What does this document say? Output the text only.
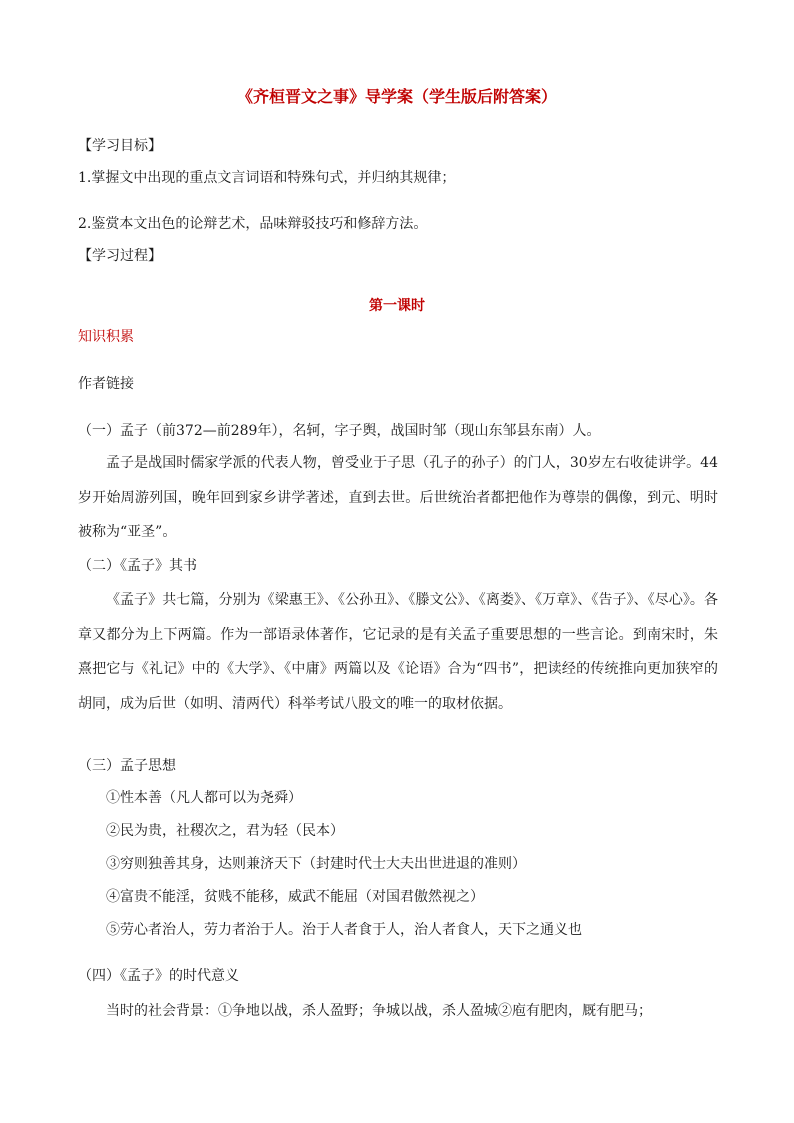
《齐桓晋文之事》导学案（学生版后附答案）
【学习目标】
1.掌握文中出现的重点文言词语和特殊句式，并归纳其规律；
2.鉴赏本文出色的论辩艺术，品味辩驳技巧和修辞方法。
【学习过程】
第一课时
知识积累
作者链接
（一）孟子（前372—前289年），名轲，字子舆，战国时邹（现山东邹县东南）人。
孟子是战国时儒家学派的代表人物，曾受业于子思（孔子的孙子）的门人，30岁左右收徒讲学。44岁开始周游列国，晚年回到家乡讲学著述，直到去世。后世统治者都把他作为尊崇的偶像，到元、明时被称为“亚圣”。
（二）《孟子》其书
《孟子》共七篇，分别为《梁惠王》、《公孙丑》、《滕文公》、《离娄》、《万章》、《告子》、《尽心》。各章又都分为上下两篇。作为一部语录体著作，它记录的是有关孟子重要思想的一些言论。到南宋时，朱熹把它与《礼记》中的《大学》、《中庸》两篇以及《论语》合为“四书”，把读经的传统推向更加狭窄的胡同，成为后世（如明、清两代）科举考试八股文的唯一的取材依据。
（三）孟子思想
①性本善（凡人都可以为尧舜）
②民为贵，社稷次之，君为轻（民本）
③穷则独善其身，达则兼济天下（封建时代士大夫出世进退的准则）
④富贵不能淫，贫贱不能移，威武不能屈（对国君傲然视之）
⑤劳心者治人，劳力者治于人。治于人者食于人，治人者食人，天下之通义也
（四）《孟子》的时代意义
当时的社会背景：①争地以战，杀人盈野；争城以战，杀人盈城②庖有肥肉，厩有肥马；
